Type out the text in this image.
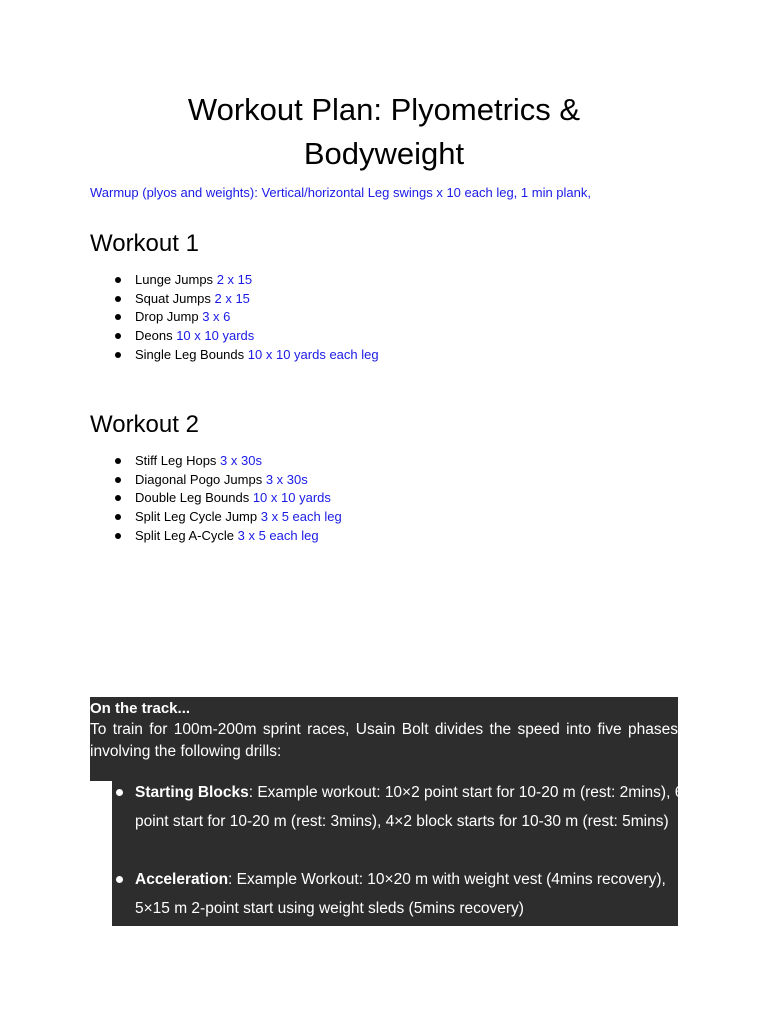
Workout Plan: Plyometrics &
Bodyweight
Warmup (plyos and weights): Vertical/horizontal Leg swings x 10 each leg, 1 min plank,
Workout 1
Lunge Jumps 2 x 15
Squat Jumps 2 x 15
Drop Jump 3 x 6
Deons 10 x 10 yards
Single Leg Bounds 10 x 10 yards each leg
Workout 2
Stiff Leg Hops 3 x 30s
Diagonal Pogo Jumps 3 x 30s
Double Leg Bounds 10 x 10 yards
Split Leg Cycle Jump 3 x 5 each leg
Split Leg A-Cycle 3 x 5 each leg
On the track...
To train for 100m-200m sprint races, Usain Bolt divides the speed into five phases involving the following drills:
Starting Blocks: Example workout: 10×2 point start for 10-20 m (rest: 2mins), 6×3 point start for 10-20 m (rest: 3mins), 4×2 block starts for 10-30 m (rest: 5mins)
Acceleration: Example Workout: 10×20 m with weight vest (4mins recovery), 5×15 m 2-point start using weight sleds (5mins recovery)
